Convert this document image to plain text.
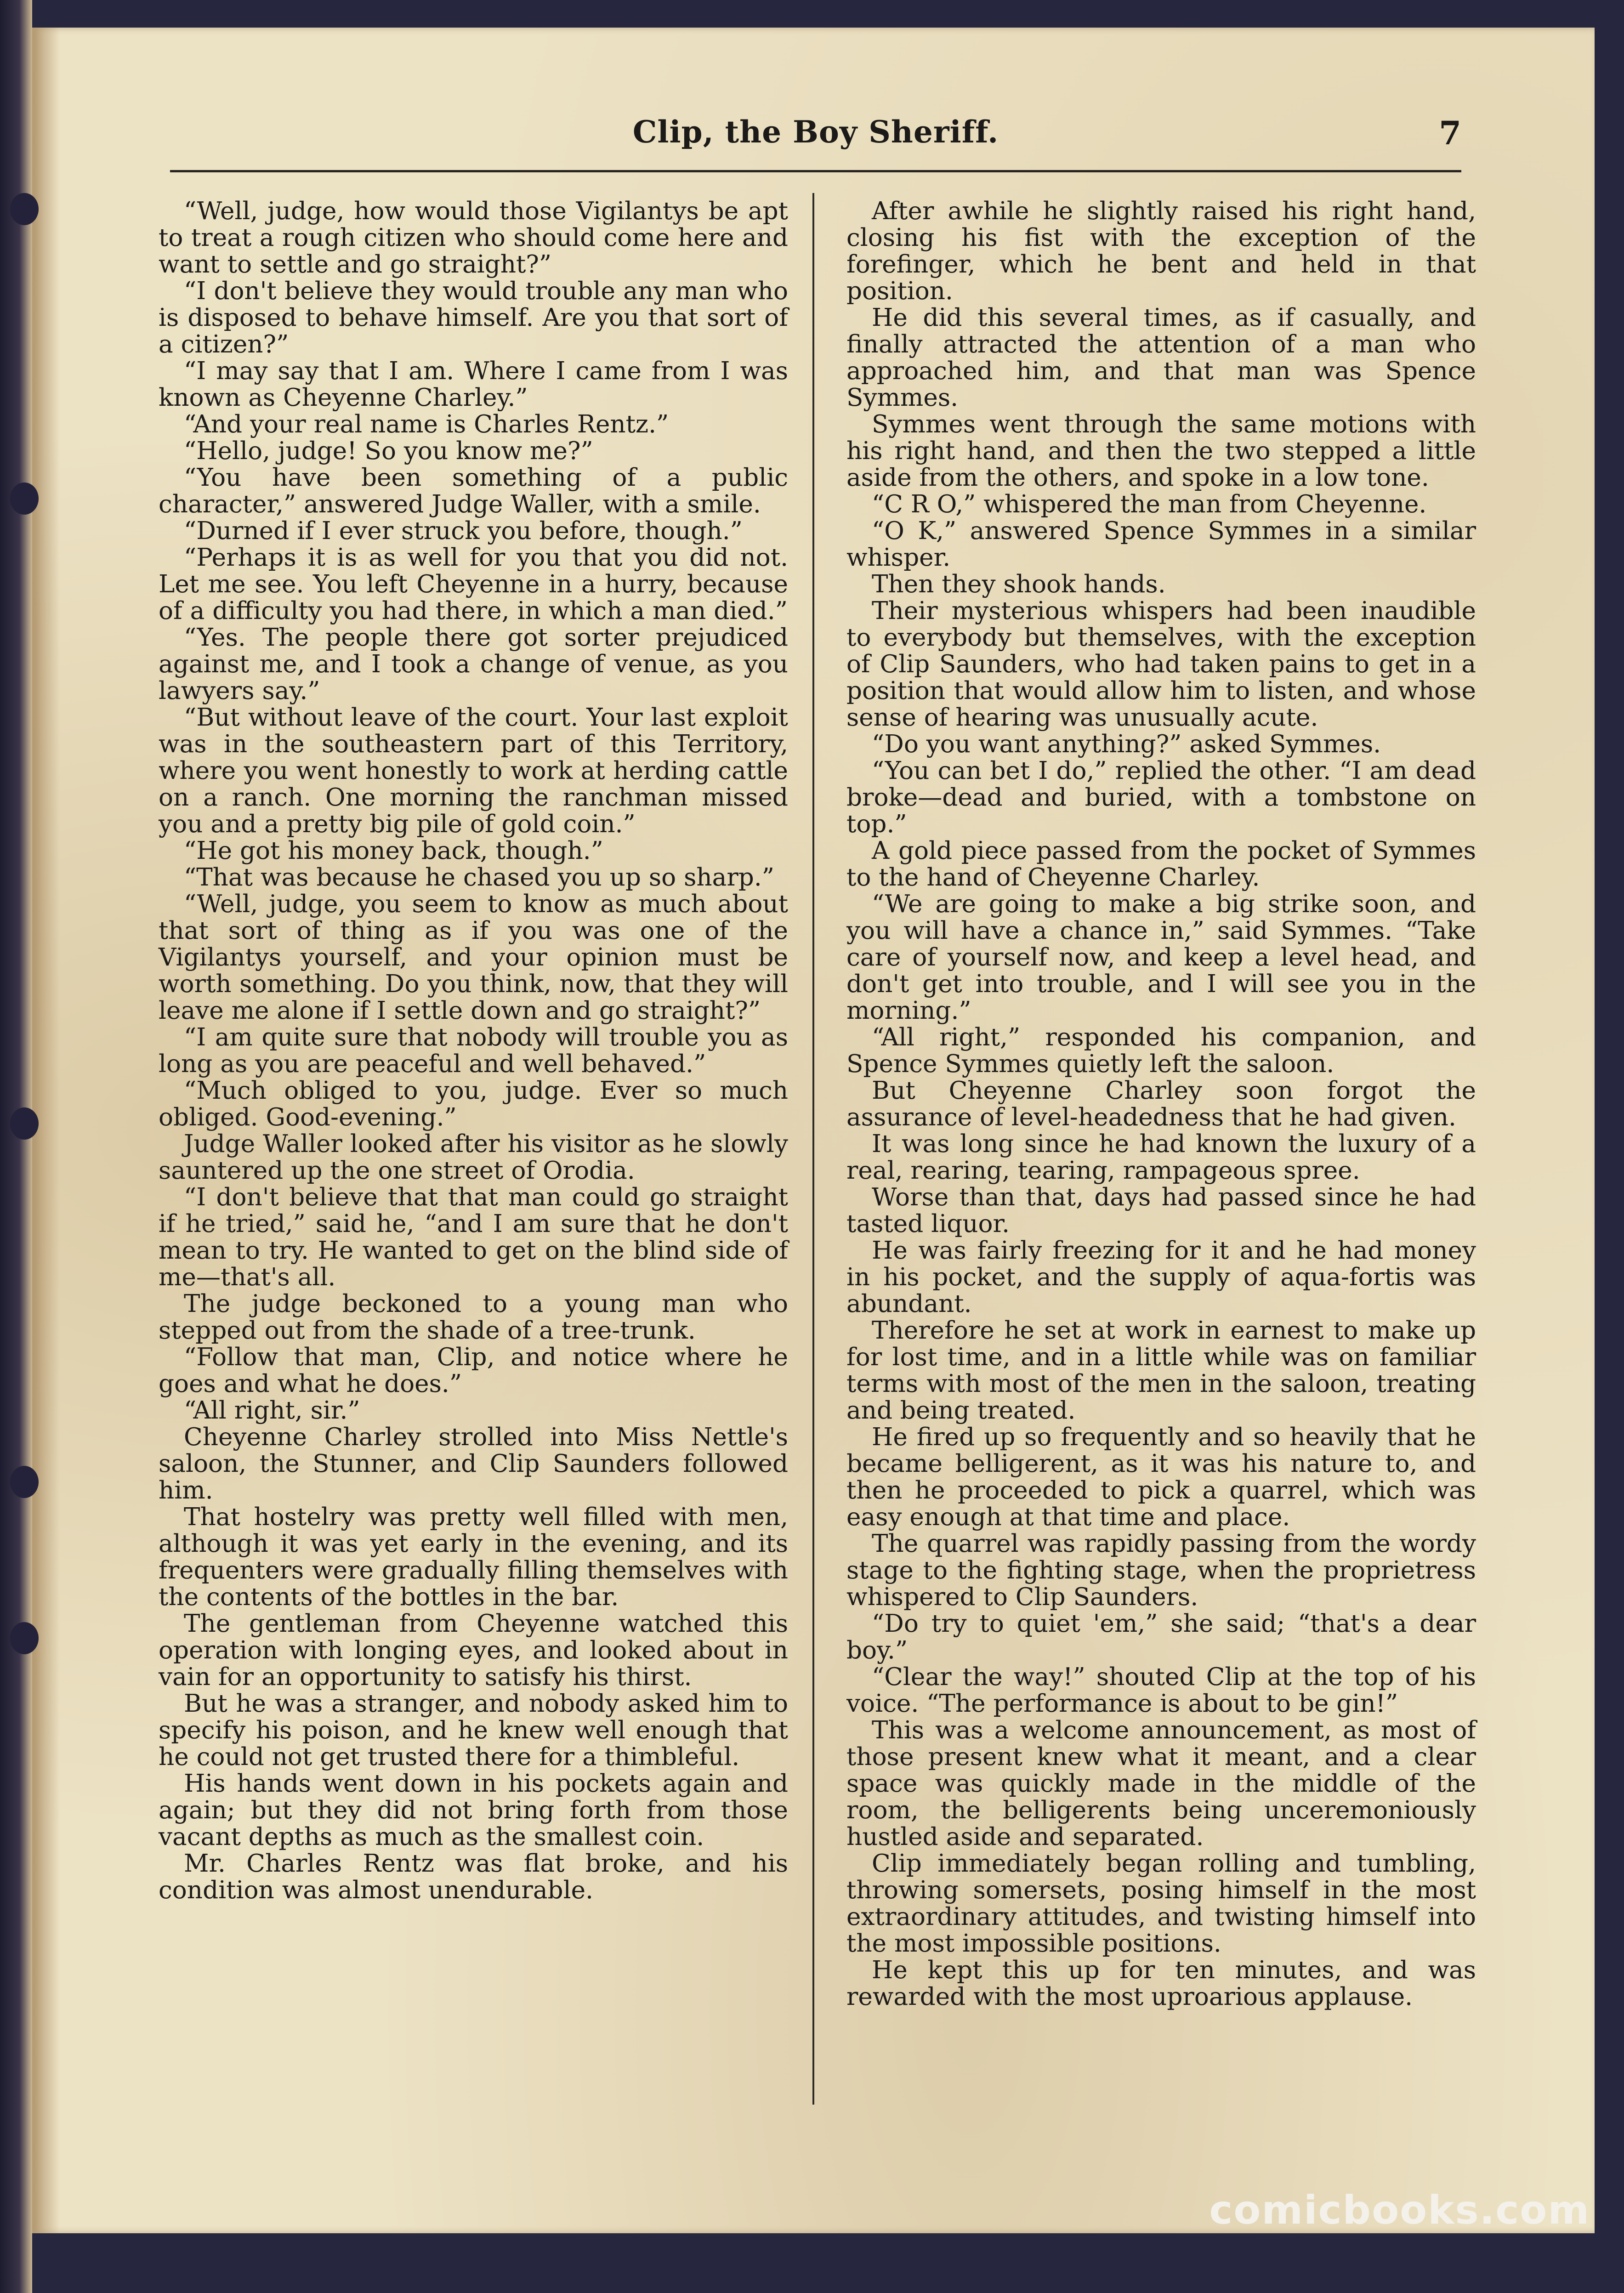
Clip, the Boy Sheriff.	7

“Well, judge, how would those Vigilantys be apt to treat a rough citizen who should come here and want to settle and go straight?”

“I don't believe they would trouble any man who is disposed to behave himself. Are you that sort of a citizen?”

“I may say that I am. Where I came from I was known as Cheyenne Charley.”

“And your real name is Charles Rentz.”

“Hello, judge! So you know me?”

“You have been something of a public character,” answered Judge Waller, with a smile.

“Durned if I ever struck you before, though.”

“Perhaps it is as well for you that you did not. Let me see. You left Cheyenne in a hurry, because of a difficulty you had there, in which a man died.”

“Yes. The people there got sorter prejudiced against me, and I took a change of venue, as you lawyers say.”

“But without leave of the court. Your last exploit was in the southeastern part of this Territory, where you went honestly to work at herding cattle on a ranch. One morning the ranchman missed you and a pretty big pile of gold coin.”

“He got his money back, though.”

“That was because he chased you up so sharp.”

“Well, judge, you seem to know as much about that sort of thing as if you was one of the Vigilantys yourself, and your opinion must be worth something. Do you think, now, that they will leave me alone if I settle down and go straight?”

“I am quite sure that nobody will trouble you as long as you are peaceful and well behaved.”

“Much obliged to you, judge. Ever so much obliged. Good-evening.”

Judge Waller looked after his visitor as he slowly sauntered up the one street of Orodia.

“I don't believe that that man could go straight if he tried,” said he, “and I am sure that he don't mean to try. He wanted to get on the blind side of me—that's all.

The judge beckoned to a young man who stepped out from the shade of a tree-trunk.

“Follow that man, Clip, and notice where he goes and what he does.”

“All right, sir.”

Cheyenne Charley strolled into Miss Nettle's saloon, the Stunner, and Clip Saunders followed him.

That hostelry was pretty well filled with men, although it was yet early in the evening, and its frequenters were gradually filling themselves with the contents of the bottles in the bar.

The gentleman from Cheyenne watched this operation with longing eyes, and looked about in vain for an opportunity to satisfy his thirst.

But he was a stranger, and nobody asked him to specify his poison, and he knew well enough that he could not get trusted there for a thimbleful.

His hands went down in his pockets again and again; but they did not bring forth from those vacant depths as much as the smallest coin.

Mr. Charles Rentz was flat broke, and his condition was almost unendurable.

After awhile he slightly raised his right hand, closing his fist with the exception of the forefinger, which he bent and held in that position.

He did this several times, as if casually, and finally attracted the attention of a man who approached him, and that man was Spence Symmes.

Symmes went through the same motions with his right hand, and then the two stepped a little aside from the others, and spoke in a low tone.

“C R O,” whispered the man from Cheyenne.

“O K,” answered Spence Symmes in a similar whisper.

Then they shook hands.

Their mysterious whispers had been inaudible to everybody but themselves, with the exception of Clip Saunders, who had taken pains to get in a position that would allow him to listen, and whose sense of hearing was unusually acute.

“Do you want anything?” asked Symmes.

“You can bet I do,” replied the other. “I am dead broke—dead and buried, with a tombstone on top.”

A gold piece passed from the pocket of Symmes to the hand of Cheyenne Charley.

“We are going to make a big strike soon, and you will have a chance in,” said Symmes. “Take care of yourself now, and keep a level head, and don't get into trouble, and I will see you in the morning.”

“All right,” responded his companion, and Spence Symmes quietly left the saloon.

But Cheyenne Charley soon forgot the assurance of level-headedness that he had given.

It was long since he had known the luxury of a real, rearing, tearing, rampageous spree.

Worse than that, days had passed since he had tasted liquor.

He was fairly freezing for it and he had money in his pocket, and the supply of aqua-fortis was abundant.

Therefore he set at work in earnest to make up for lost time, and in a little while was on familiar terms with most of the men in the saloon, treating and being treated.

He fired up so frequently and so heavily that he became belligerent, as it was his nature to, and then he proceeded to pick a quarrel, which was easy enough at that time and place.

The quarrel was rapidly passing from the wordy stage to the fighting stage, when the proprietress whispered to Clip Saunders.

“Do try to quiet 'em,” she said; “that's a dear boy.”

“Clear the way!” shouted Clip at the top of his voice. “The performance is about to be gin!”

This was a welcome announcement, as most of those present knew what it meant, and a clear space was quickly made in the middle of the room, the belligerents being unceremoniously hustled aside and separated.

Clip immediately began rolling and tumbling, throwing somersets, posing himself in the most extraordinary attitudes, and twisting himself into the most impossible positions.

He kept this up for ten minutes, and was rewarded with the most uproarious applause.

comicbooks.com
